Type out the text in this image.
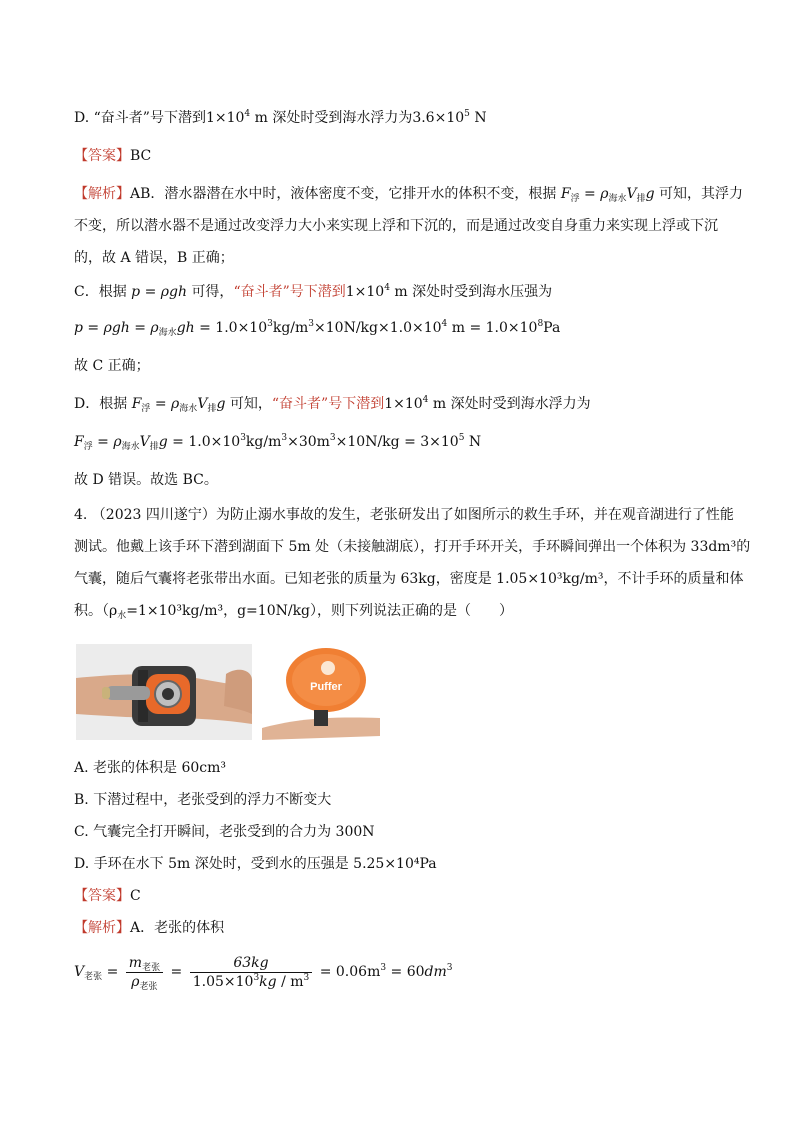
D. “奋斗者”号下潜到$1\times 10^4$ m 深处时受到海水浮力为$3.6\times 10^5$ N
【答案】BC
【解析】AB．潜水器潜在水中时，液体密度不变，它排开水的体积不变，根据 $F_浮 = \rho_{海水}V_排g$ 可知，其浮力
不变，所以潜水器不是通过改变浮力大小来实现上浮和下沉的，而是通过改变自身重力来实现上浮或下沉
的，故 A 错误，B 正确；
C．根据 p = ρgh 可得，“奋斗者”号下潜到$1\times 10^4$ m 深处时受到海水压强为
$p = \rho gh = \rho_{海水}gh = 1.0\times 10^3kg/m^3\times 10N/kg\times 1.0\times 10^4$ $m = 1.0\times 10^8Pa$
故 C 正确；
D．根据 $F_浮 = \rho_{海水}V_排g$ 可知，“奋斗者”号下潜到$1\times 10^4$ m 深处时受到海水浮力为
$F_浮 = \rho_{海水}V_排g = 1.0\times 10^3kg/m^3\times 30m^3\times 10N/kg = 3\times 10^5$ N
故 D 错误。故选 BC。
4. （2023 四川遂宁）为防止溺水事故的发生，老张研发出了如图所示的救生手环，并在观音湖进行了性能
测试。他戴上该手环下潜到湖面下 5m 处（未接触湖底），打开手环开关，手环瞬间弹出一个体积为 33dm³的
气囊，随后气囊将老张带出水面。已知老张的质量为 63kg，密度是 1.05×10³kg/m³，不计手环的质量和体
积。（$\rho_水=1\times 10^3kg/m^3$，g=10N/kg），则下列说法正确的是（　　）
Puffer
A. 老张的体积是 60cm³
B. 下潜过程中，老张受到的浮力不断变大
C. 气囊完全打开瞬间，老张受到的合力为 300N
D. 手环在水下 5m 深处时，受到水的压强是 5.25×10⁴Pa
【答案】C
【解析】A．老张的体积
$V_{老张} = \frac{m_{老张}}{\rho_{老张}} = \frac{63kg}{1.05\times 10^3kg / m^3} = 0.06m^3 = 60dm^3$
